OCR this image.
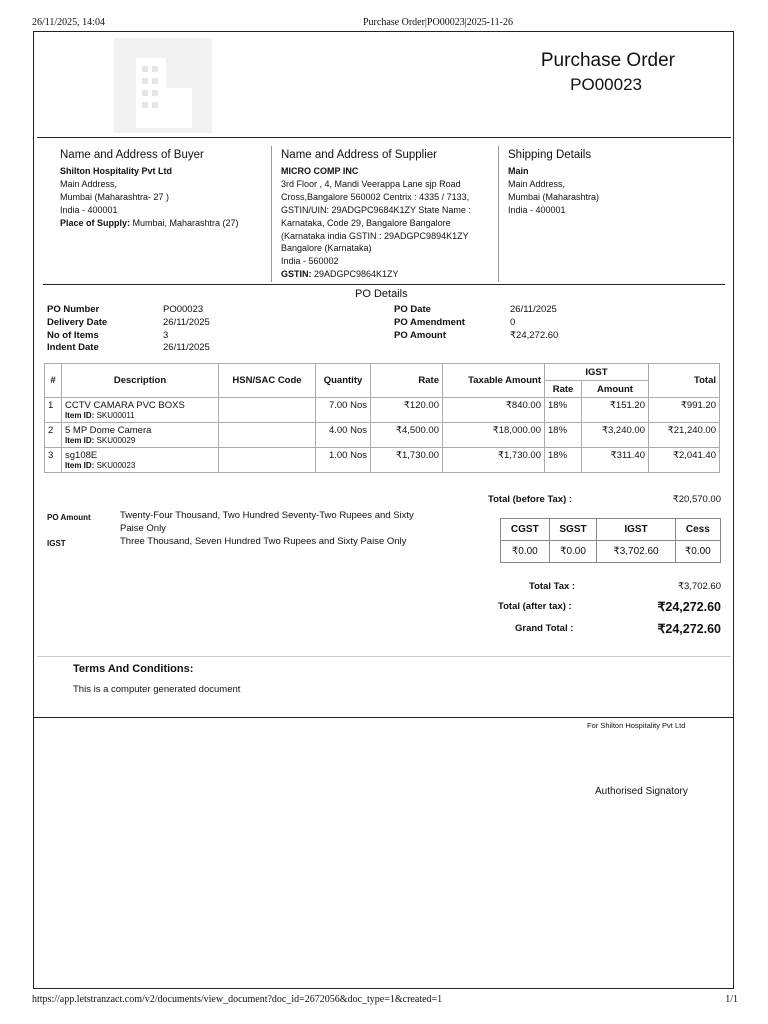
26/11/2025, 14:04	Purchase Order|PO00023|2025-11-26
Purchase Order
PO00023
Name and Address of Buyer
Shilton Hospitality Pvt Ltd
Main Address,
Mumbai (Maharashtra- 27 )
India - 400001
Place of Supply: Mumbai, Maharashtra (27)
Name and Address of Supplier
MICRO COMP INC
3rd Floor , 4, Mandi Veerappa Lane sjp Road
Cross,Bangalore 560002 Centrix : 4335 / 7133,
GSTIN/UIN: 29ADGPC9684K1ZY State Name :
Karnataka, Code 29, Bangalore Bangalore
(Karnataka india GSTIN : 29ADGPC9894K1ZY
Bangalore (Karnataka)
India - 560002
GSTIN: 29ADGPC9864K1ZY
Shipping Details
Main
Main Address,
Mumbai (Maharashtra)
India - 400001
PO Details
PO Number	PO00023
Delivery Date	26/11/2025
No of Items	3
Indent Date	26/11/2025
PO Date	26/11/2025
PO Amendment	0
PO Amount	₹24,272.60
#	Description	HSN/SAC Code	Quantity	Rate	Taxable Amount	IGST		Total
						Rate	Amount	
1	CCTV CAMARA PVC BOXS
Item ID: SKU00011		7.00 Nos	₹120.00	₹840.00	18%	₹151.20	₹991.20
2	5 MP Dome Camera
Item ID: SKU00029		4.00 Nos	₹4,500.00	₹18,000.00	18%	₹3,240.00	₹21,240.00
3	sg108E
Item ID: SKU00023		1.00 Nos	₹1,730.00	₹1,730.00	18%	₹311.40	₹2,041.40
Total (before Tax) :	₹20,570.00
PO Amount	Twenty-Four Thousand, Two Hundred Seventy-Two Rupees and Sixty Paise Only
IGST	Three Thousand, Seven Hundred Two Rupees and Sixty Paise Only
CGST	SGST	IGST	Cess
₹0.00	₹0.00	₹3,702.60	₹0.00
Total Tax :	₹3,702.60
Total (after tax) :	₹24,272.60
Grand Total :	₹24,272.60
Terms And Conditions:
This is a computer generated document
For Shilton Hospitality Pvt Ltd
Authorised Signatory
https://app.letstranzact.com/v2/documents/view_document?doc_id=2672056&doc_type=1&created=1	1/1
